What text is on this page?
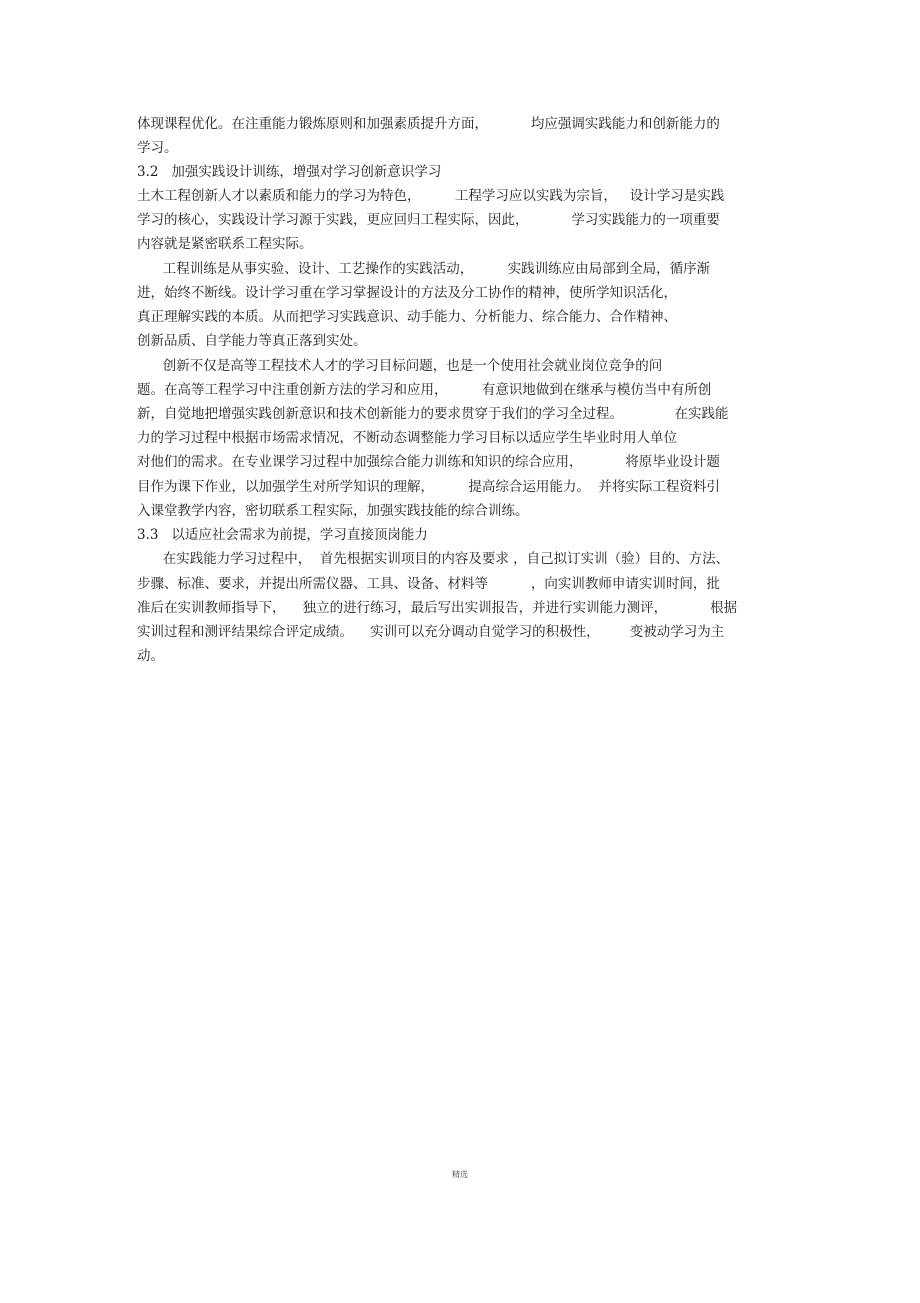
体现课程优化。在注重能力锻炼原则和加强素质提升方面，          均应强调实践能力和创新能力的
学习。
3.2   加强实践设计训练，增强对学习创新意识学习
土木工程创新人才以素质和能力的学习为特色，        工程学习应以实践为宗旨，   设计学习是实践
学习的核心，实践设计学习源于实践，更应回归工程实际，因此，          学习实践能力的一项重要
内容就是紧密联系工程实际。
工程训练是从事实验、设计、工艺操作的实践活动，        实践训练应由局部到全局，循序渐
进，始终不断线。设计学习重在学习掌握设计的方法及分工协作的精神，使所学知识活化，
真正理解实践的本质。从而把学习实践意识、动手能力、分析能力、综合能力、合作精神、
创新品质、自学能力等真正落到实处。
创新不仅是高等工程技术人才的学习目标问题，也是一个使用社会就业岗位竞争的问
题。在高等工程学习中注重创新方法的学习和应用，        有意识地做到在继承与模仿当中有所创
新，自觉地把增强实践创新意识和技术创新能力的要求贯穿于我们的学习全过程。            在实践能
力的学习过程中根据市场需求情况，不断动态调整能力学习目标以适应学生毕业时用人单位
对他们的需求。在专业课学习过程中加强综合能力训练和知识的综合应用，          将原毕业设计题
目作为课下作业，以加强学生对所学知识的理解，        提高综合运用能力。  并将实际工程资料引
入课堂教学内容，密切联系工程实际，加强实践技能的综合训练。
3.3   以适应社会需求为前提，学习直接顶岗能力
在实践能力学习过程中，  首先根据实训项目的内容及要求 ，自己拟订实训（验）目的、方法、
步骤、标准、要求，并提出所需仪器、工具、设备、材料等          ，向实训教师申请实训时间，批
准后在实训教师指导下，    独立的进行练习，最后写出实训报告，并进行实训能力测评，          根据
实训过程和测评结果综合评定成绩。    实训可以充分调动自觉学习的积极性，       变被动学习为主
动。
精选
